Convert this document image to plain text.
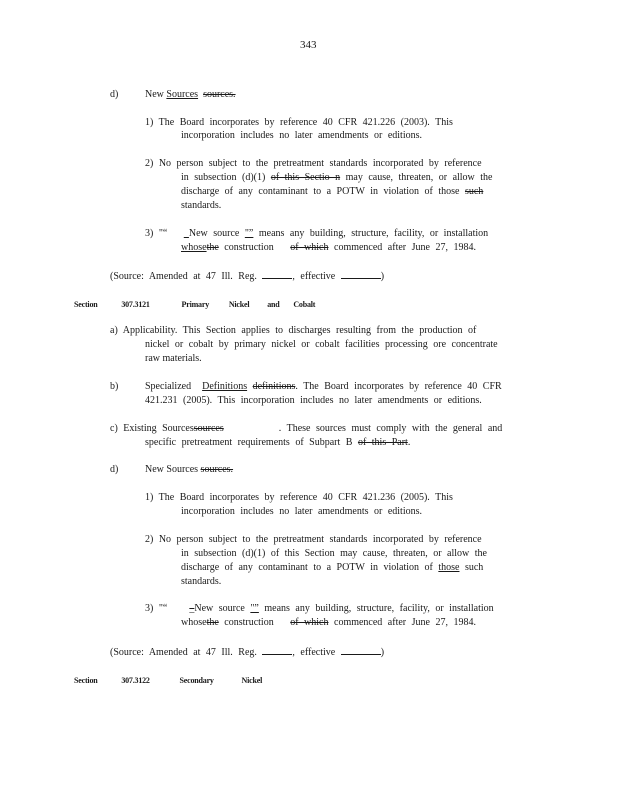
343
d)	New Sources sources.
1) The Board incorporates by reference 40 CFR 421.226 (2003). This
incorporation includes no later amendments or editions.
2) No person subject to the pretreatment standards incorporated by reference
in subsection (d)(1) of this Sectio n may cause, threaten, or allow the
discharge of any contaminant to a POTW in violation of those such
standards.
3) "“ _New source "” means any building, structure, facility, or installation
whosethe construction   of which commenced after June 27, 1984.
(Source: Amended at 47 Ill. Reg.	, effective	)
Section	307.3121	Primary Nickel and Cobalt
a) Applicability. This Section applies to discharges resulting from the production of
nickel or cobalt by primary nickel or cobalt facilities processing ore concentrate
raw materials.
b)	Specialized  Definitions definitions. The Board incorporates by reference 40 CFR
421.231 (2005). This incorporation includes no later amendments or editions.
c) Existing Sourcessources	. These sources must comply with the general and
specific pretreatment requirements of Subpart B of this Part.
d)	New Sources sources.
1) The Board incorporates by reference 40 CFR 421.236 (2005). This
incorporation includes no later amendments or editions.
2) No person subject to the pretreatment standards incorporated by reference
in subsection (d)(1) of this Section may cause, threaten, or allow the
discharge of any contaminant to a POTW in violation of those such
standards.
3) "“ _New source "” means any building, structure, facility, or installation
whosethe construction   of which commenced after June 27, 1984.
(Source: Amended at 47 Ill. Reg.	, effective	)
Section	307.3122	Secondary	Nickel
